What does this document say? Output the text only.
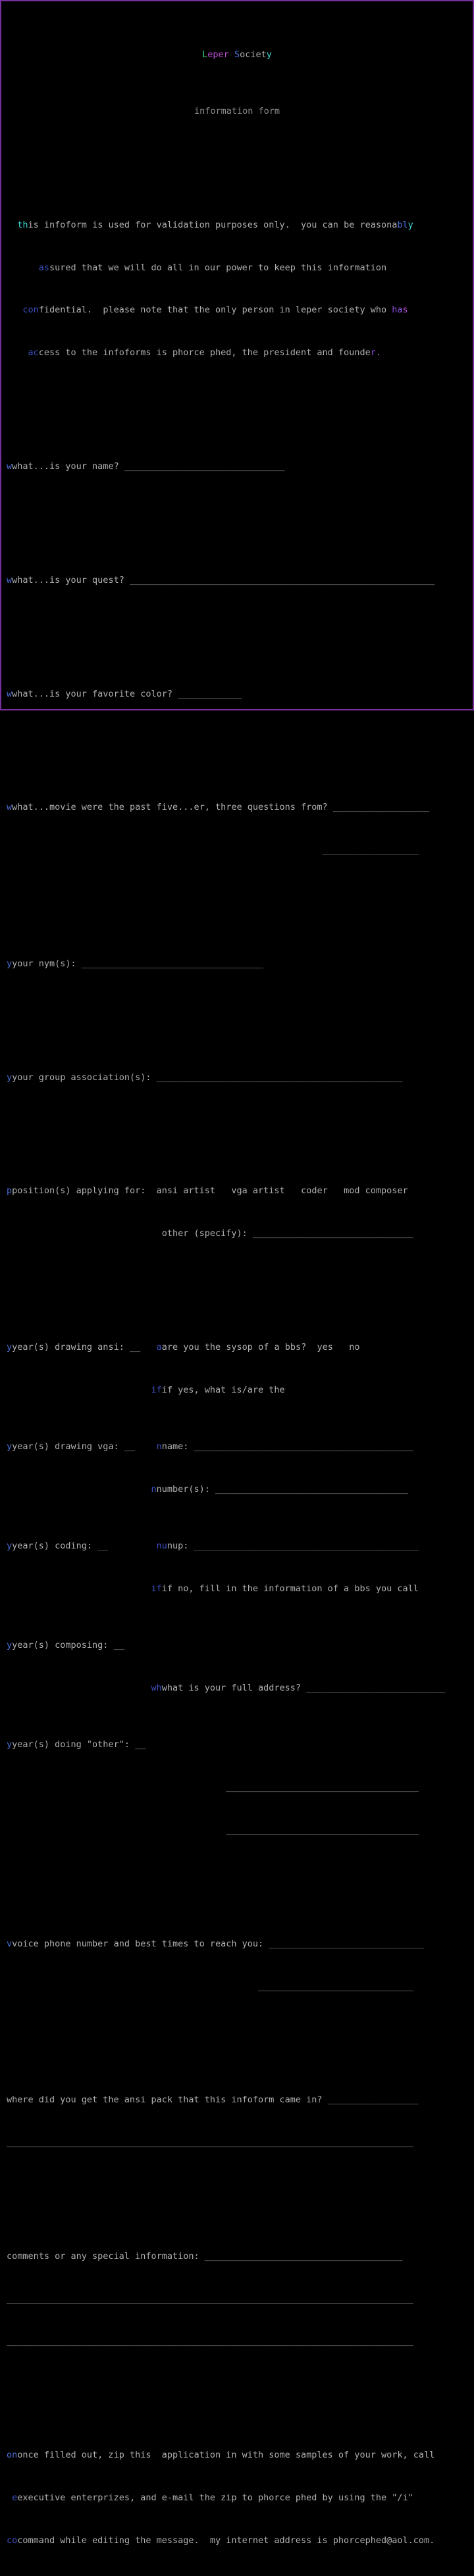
Leper Society

information form

this infoform is used for validation purposes only.  you can be reasonably

assured that we will do all in our power to keep this information

confidential.  please note that the only person in leper society who has

access to the infoforms is phorce phed, the president and founder.

wwhat...is your name? ______________________________

wwhat...is your quest? _________________________________________________________

wwhat...is your favorite color? ____________

wwhat...movie were the past five...er, three questions from? __________________

__________________

yyour nym(s): __________________________________

yyour group association(s): ______________________________________________

pposition(s) applying for: ansi artist vga artist coder mod composer

other (specify): ______________________________

yyear(s) drawing ansi: __ aare you the sysop of a bbs? yes no

ifif yes, what is/are the

yyear(s) drawing vga: __ nname: _________________________________________

nnumber(s): ____________________________________

yyear(s) coding: __	nunup: __________________________________________

ifif no, fill in the information of a bbs you call

yyear(s) composing: __

whwhat is your full address? __________________________

yyear(s) doing "other": __

____________________________________

____________________________________

vvoice phone number and best times to reach you: _____________________________

_____________________________

where did you get the ansi pack that this infoform came in? _________________

____________________________________________________________________________

comments or any special information: _____________________________________

____________________________________________________________________________

____________________________________________________________________________

ononce filled out, zip this  application in with some samples of your work, call

eexecutive enterprizes, and e-mail the zip to phorce phed by using the "/i"

cocommand while editing the message.  my internet address is phorcephed@aol.com.
